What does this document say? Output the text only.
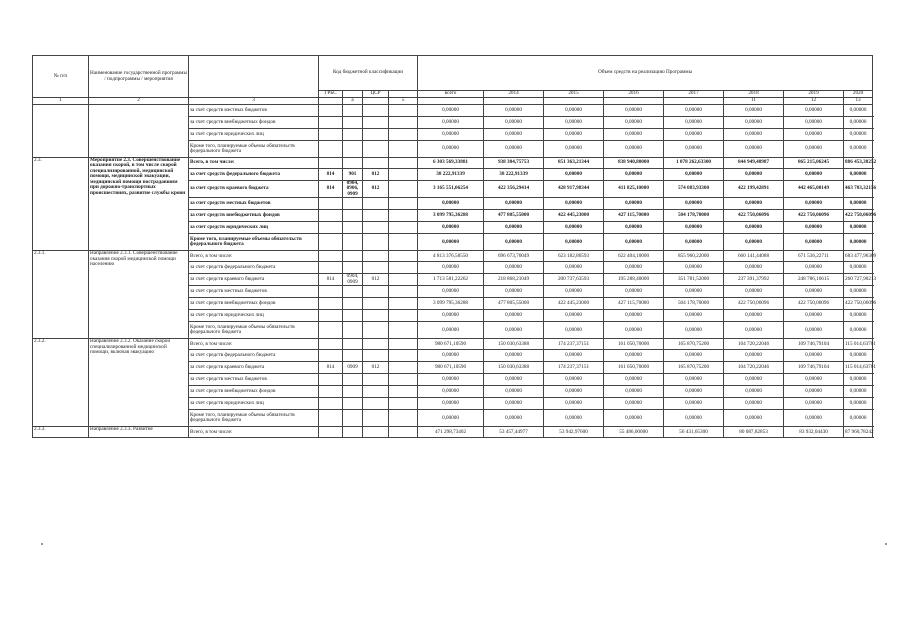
№ п/п	Наименование государственной программы / подпрограммы / мероприятия		Код бюджетной классификации				Объем средств на реализацию Программы							
			ГРБС		ЦСР		всего	2014	2015	2016	2017	2018	2019	2020
1	2	3		а		5						11	12	13
		за счет средств местных бюджетов					0,00000	0,00000	0,00000	0,00000	0,00000	0,00000	0,00000	0,00000
		за счет средств внебюджетных фондов					0,00000	0,00000	0,00000	0,00000	0,00000	0,00000	0,00000	0,00000
		за счет средств юридических лиц					0,00000	0,00000	0,00000	0,00000	0,00000	0,00000	0,00000	0,00000
		Кроме того, планируемые объемы обязательств федерального бюджета					0,00000	0,00000	0,00000	0,00000	0,00000	0,00000	0,00000	0,00000
2.3.	Мероприятие 2.3. Совершенствование оказания скорой, в том числе скорой специализированной, медицинской помощи, медицинской эвакуации, медицинской помощи пострадавшим при дорожно-транспортных происшествиях, развитие службы крови	Всего, в том числе:					6 303 569,33881	938 384,75753	851 363,21344	838 940,80000	1 078 262,63300	844 949,48987	865 215,06245	886 453,38252
		за счет средств федерального бюджета	814	901	012		38 222,91339	38 222,91339	0,00000	0,00000	0,00000	0,00000	0,00000	0,00000
		за счет средств краевого бюджета	814	0904, 0906, 0909	012		3 165 551,06254	422 356,29414	428 917,98344	411 825,10000	574 083,93300	422 199,42891	442 465,00149	463 703,32156
		за счет средств местных бюджетов					0,00000	0,00000	0,00000	0,00000	0,00000	0,00000	0,00000	0,00000
		за счет средств внебюджетных фондов					3 099 795,36288	477 805,55000	422 445,23000	427 115,70000	504 178,70000	422 750,06096	422 750,06096	422 750,06096
		за счет средств юридических лиц					0,00000	0,00000	0,00000	0,00000	0,00000	0,00000	0,00000	0,00000
		Кроме того, планируемые объемы обязательств федерального бюджета					0,00000	0,00000	0,00000	0,00000	0,00000	0,00000	0,00000	0,00000
2.3.1.	Направление 2.3.1. Совершенствование оказания скорой медицинской помощи населению	Всего, в том числе:					4 813 376,58550	696 673,76049	623 182,86593	622 404,10000	855 960,22000	660 141,44088	671 536,22711	683 477,96309
		за счет средств федерального бюджета					0,00000	0,00000	0,00000	0,00000	0,00000	0,00000	0,00000	0,00000
		за счет средств краевого бюджета	814	0904, 0909	012		1 713 581,22262	218 868,21049	200 737,63593	195 288,40000	351 781,52000	237 391,37992	248 786,16615	260 727,90213
		за счет средств местных бюджетов					0,00000	0,00000	0,00000	0,00000	0,00000	0,00000	0,00000	0,00000
		за счет средств внебюджетных фондов					3 099 795,36288	477 805,55000	422 445,23000	427 115,70000	504 178,70000	422 750,06096	422 750,06096	422 750,06096
		за счет средств юридических лиц					0,00000	0,00000	0,00000	0,00000	0,00000	0,00000	0,00000	0,00000
		Кроме того, планируемые объемы обязательств федерального бюджета					0,00000	0,00000	0,00000	0,00000	0,00000	0,00000	0,00000	0,00000
2.3.2.	Направление 2.3.2. Оказание скорой специализированной медицинской помощи, включая эвакуацию	Всего, в том числе:					980 671,10590	150 030,63388	174 237,37151	161 050,70000	165 870,75200	104 720,22046	109 746,79104	115 014,63701
		за счет средств федерального бюджета					0,00000	0,00000	0,00000	0,00000	0,00000	0,00000	0,00000	0,00000
		за счет средств краевого бюджета	814	0909	012		980 671,10590	150 030,63388	174 237,37151	161 050,70000	165 870,75200	104 720,22046	109 746,79104	115 014,63701
		за счет средств местных бюджетов					0,00000	0,00000	0,00000	0,00000	0,00000	0,00000	0,00000	0,00000
		за счет средств внебюджетных фондов					0,00000	0,00000	0,00000	0,00000	0,00000	0,00000	0,00000	0,00000
		за счет средств юридических лиц					0,00000	0,00000	0,00000	0,00000	0,00000	0,00000	0,00000	0,00000
		Кроме того, планируемые объемы обязательств федерального бюджета					0,00000	0,00000	0,00000	0,00000	0,00000	0,00000	0,00000	0,00000
2.3.3.	Направление 2.3.3. Развитие	Всего, в том числе:					471 298,73402	53 457,44977	53 942,97600	55 486,00000	56 431,65300	80 087,82853	83 932,04430	87 960,78242
